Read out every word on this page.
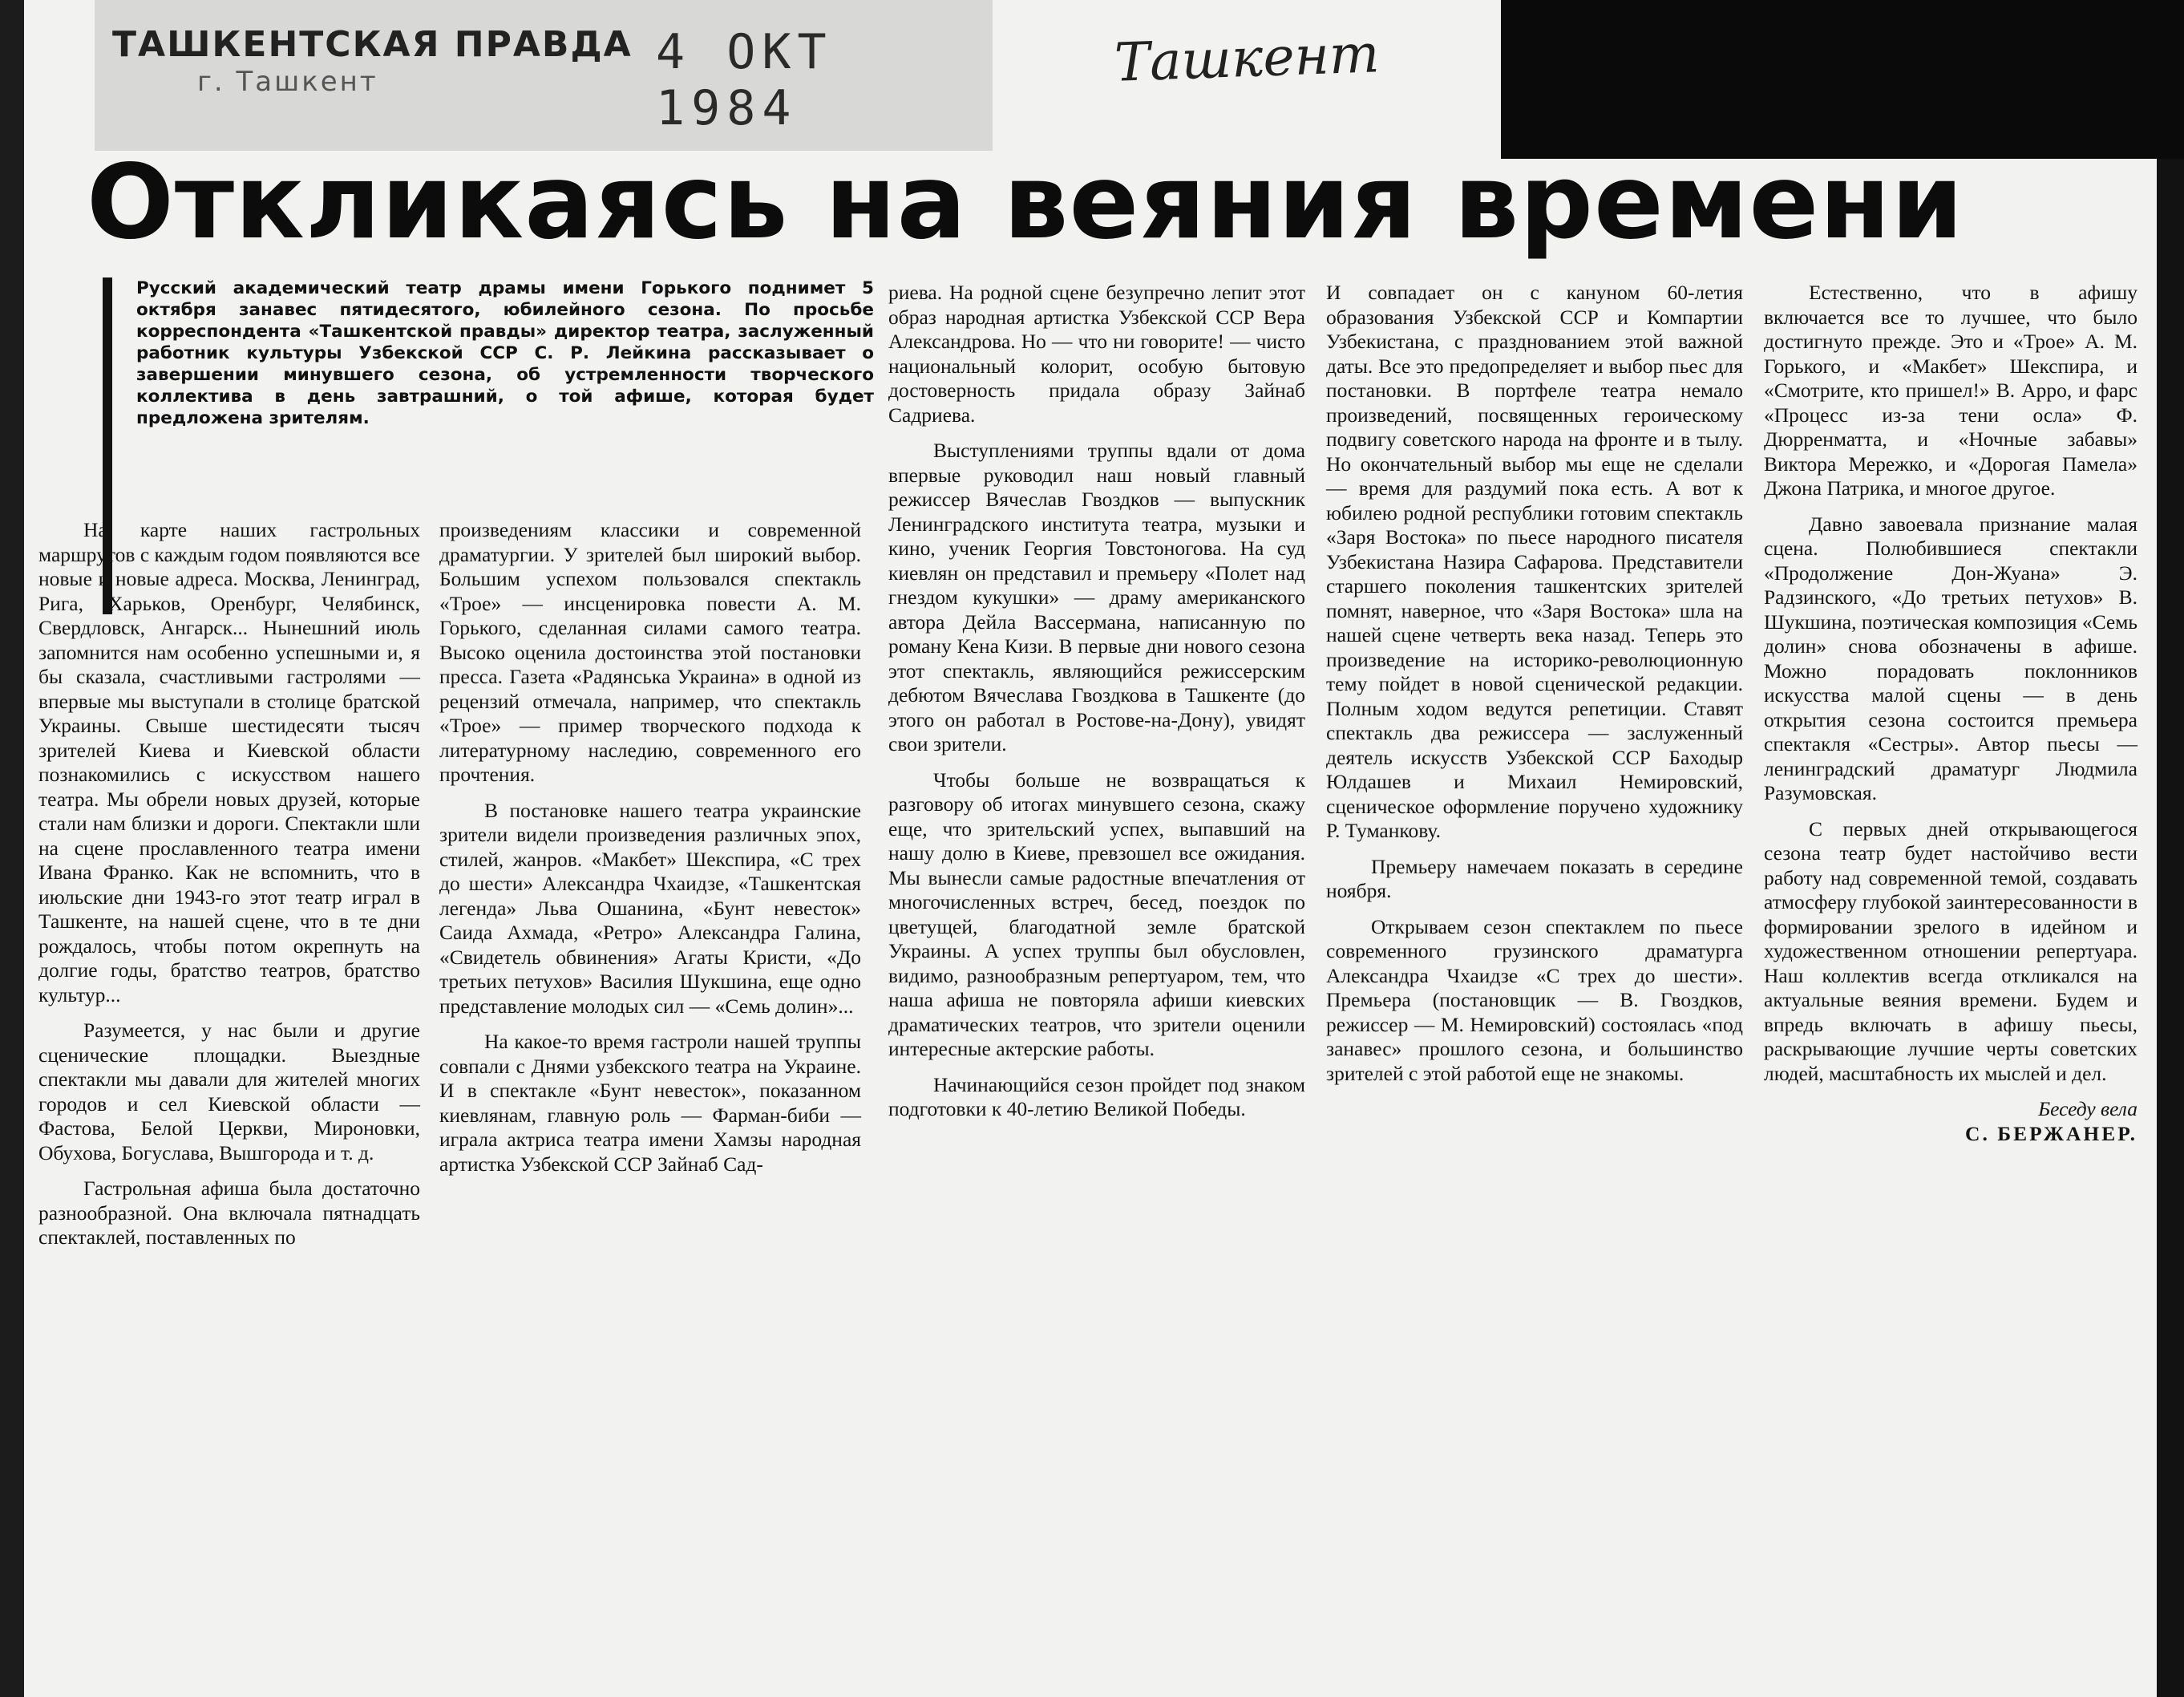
ТАШКЕНТСКАЯ ПРАВДА
г. Ташкент
4 ОКТ 1984
Ташкент
Откликаясь на веяния времени

Русский академический театр драмы имени Горького поднимет 5 октября занавес пятидесятого, юбилейного сезона. По просьбе корреспондента «Ташкентской правды» директор театра, заслуженный работник культуры Узбекской ССР С. Р. Лейкина рассказывает о завершении минувшего сезона, об устремленности творческого коллектива в день завтрашний, о той афише, которая будет предложена зрителям.

На карте наших гастрольных маршрутов с каждым годом появляются все новые и новые адреса. Москва, Ленинград, Рига, Харьков, Оренбург, Челябинск, Свердловск, Ангарск... Нынешний июль запомнится нам особенно успешными и, я бы сказала, счастливыми гастролями — впервые мы выступали в столице братской Украины. Свыше шестидесяти тысяч зрителей Киева и Киевской области познакомились с искусством нашего театра. Мы обрели новых друзей, которые стали нам близки и дороги. Спектакли шли на сцене прославленного театра имени Ивана Франко. Как не вспомнить, что в июльские дни 1943-го этот театр играл в Ташкенте, на нашей сцене, что в те дни рождалось, чтобы потом окрепнуть на долгие годы, братство театров, братство культур...

Разумеется, у нас были и другие сценические площадки. Выездные спектакли мы давали для жителей многих городов и сел Киевской области — Фастова, Белой Церкви, Мироновки, Обухова, Богуслава, Вышгорода и т. д.

Гастрольная афиша была достаточно разнообразной. Она включала пятнадцать спектаклей, поставленных по

произведениям классики и современной драматургии. У зрителей был широкий выбор. Большим успехом пользовался спектакль «Трое» — инсценировка повести А. М. Горького, сделанная силами самого театра. Высоко оценила достоинства этой постановки пресса. Газета «Радянська Украина» в одной из рецензий отмечала, например, что спектакль «Трое» — пример творческого подхода к литературному наследию, современного его прочтения.

В постановке нашего театра украинские зрители видели произведения различных эпох, стилей, жанров. «Макбет» Шекспира, «С трех до шести» Александра Чхаидзе, «Ташкентская легенда» Льва Ошанина, «Бунт невесток» Саида Ахмада, «Ретро» Александра Галина, «Свидетель обвинения» Агаты Кристи, «До третьих петухов» Василия Шукшина, еще одно представление молодых сил — «Семь долин»...

На какое-то время гастроли нашей труппы совпали с Днями узбекского театра на Украине. И в спектакле «Бунт невесток», показанном киевлянам, главную роль — Фарман-биби — играла актриса театра имени Хамзы народная артистка Узбекской ССР Зайнаб Сад-

риева. На родной сцене безупречно лепит этот образ народная артистка Узбекской ССР Вера Александрова. Но — что ни говорите! — чисто национальный колорит, особую бытовую достоверность придала образу Зайнаб Садриева.

Выступлениями труппы вдали от дома впервые руководил наш новый главный режиссер Вячеслав Гвоздков — выпускник Ленинградского института театра, музыки и кино, ученик Георгия Товстоногова. На суд киевлян он представил и премьеру «Полет над гнездом кукушки» — драму американского автора Дейла Вассермана, написанную по роману Кена Кизи. В первые дни нового сезона этот спектакль, являющийся режиссерским дебютом Вячеслава Гвоздкова в Ташкенте (до этого он работал в Ростове-на-Дону), увидят свои зрители.

Чтобы больше не возвращаться к разговору об итогах минувшего сезона, скажу еще, что зрительский успех, выпавший на нашу долю в Киеве, превзошел все ожидания. Мы вынесли самые радостные впечатления от многочисленных встреч, бесед, поездок по цветущей, благодатной земле братской Украины. А успех труппы был обусловлен, видимо, разнообразным репертуаром, тем, что наша афиша не повторяла афиши киевских драматических театров, что зрители оценили интересные актерские работы.

Начинающийся сезон пройдет под знаком подготовки к 40-летию Великой Победы.

И совпадает он с кануном 60-летия образования Узбекской ССР и Компартии Узбекистана, с празднованием этой важной даты. Все это предопределяет и выбор пьес для постановки. В портфеле театра немало произведений, посвященных героическому подвигу советского народа на фронте и в тылу. Но окончательный выбор мы еще не сделали — время для раздумий пока есть. А вот к юбилею родной республики готовим спектакль «Заря Востока» по пьесе народного писателя Узбекистана Назира Сафарова. Представители старшего поколения ташкентских зрителей помнят, наверное, что «Заря Востока» шла на нашей сцене четверть века назад. Теперь это произведение на историко-революционную тему пойдет в новой сценической редакции. Полным ходом ведутся репетиции. Ставят спектакль два режиссера — заслуженный деятель искусств Узбекской ССР Баходыр Юлдашев и Михаил Немировский, сценическое оформление поручено художнику Р. Туманкову.

Премьеру намечаем показать в середине ноября.

Открываем сезон спектаклем по пьесе современного грузинского драматурга Александра Чхаидзе «С трех до шести». Премьера (постановщик — В. Гвоздков, режиссер — М. Немировский) состоялась «под занавес» прошлого сезона, и большинство зрителей с этой работой еще не знакомы.

Естественно, что в афишу включается все то лучшее, что было достигнуто прежде. Это и «Трое» А. М. Горького, и «Макбет» Шекспира, и «Смотрите, кто пришел!» В. Арро, и фарс «Процесс из-за тени осла» Ф. Дюрренматта, и «Ночные забавы» Виктора Мережко, и «Дорогая Памела» Джона Патрика, и многое другое.

Давно завоевала признание малая сцена. Полюбившиеся спектакли «Продолжение Дон-Жуана» Э. Радзинского, «До третьих петухов» В. Шукшина, поэтическая композиция «Семь долин» снова обозначены в афише. Можно порадовать поклонников искусства малой сцены — в день открытия сезона состоится премьера спектакля «Сестры». Автор пьесы — ленинградский драматург Людмила Разумовская.

С первых дней открывающегося сезона театр будет настойчиво вести работу над современной темой, создавать атмосферу глубокой заинтересованности в формировании зрелого в идейном и художественном отношении репертуара. Наш коллектив всегда откликался на актуальные веяния времени. Будем и впредь включать в афишу пьесы, раскрывающие лучшие черты советских людей, масштабность их мыслей и дел.

Беседу вела
С. БЕРЖАНЕР.
